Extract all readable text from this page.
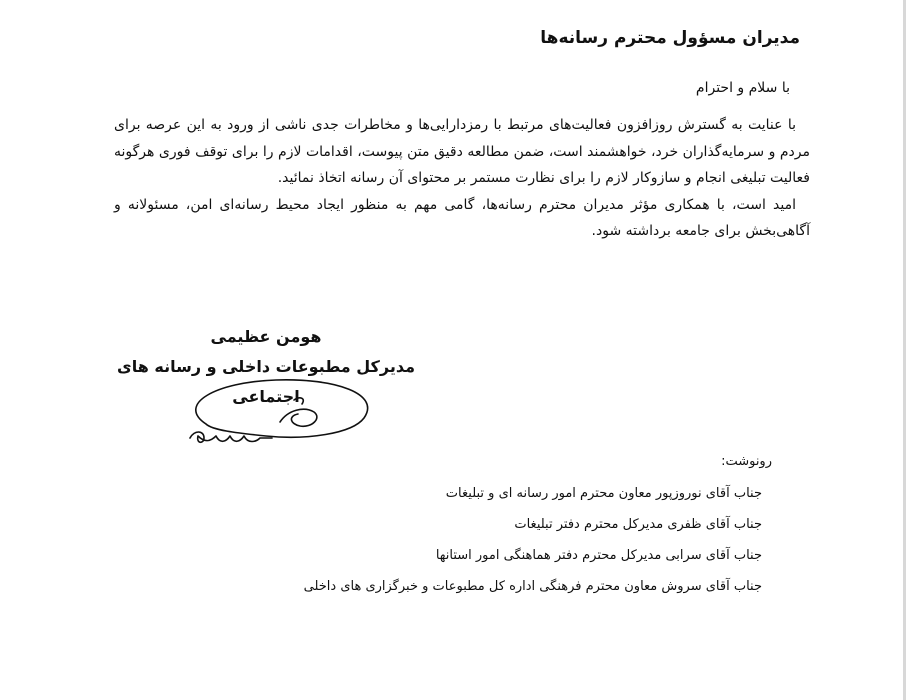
مدیران مسؤول محترم رسانه‌ها
با سلام و احترام

با عنایت به گسترش روزافزون فعالیت‌های مرتبط با رمزدارایی‌ها و مخاطرات جدی ناشی از ورود به این عرصه برای مردم و سرمایه‌گذاران خرد، خواهشمند است، ضمن مطالعه دقیق متن پیوست، اقدامات لازم را برای توقف فوری هرگونه فعالیت تبلیغی انجام و سازوکار لازم را برای نظارت مستمر بر محتوای آن رسانه اتخاذ نمائید.

امید است، با همکاری مؤثر مدیران محترم رسانه‌ها، گامی مهم به منظور ایجاد محیط رسانه‌ای امن، مسئولانه و آگاهی‌بخش برای جامعه برداشته شود.

هومن عظیمی
مدیرکل مطبوعات داخلی و رسانه های اجتماعی
رونوشت:
جناب آقای نوروزپور معاون محترم امور رسانه ای و تبلیغات
جناب آقای ظفری مدیرکل محترم دفتر تبلیغات
جناب آقای سرابی مدیرکل محترم دفتر هماهنگی امور استانها
جناب آقای سروش معاون محترم فرهنگی اداره کل مطبوعات و خبرگزاری های داخلی
